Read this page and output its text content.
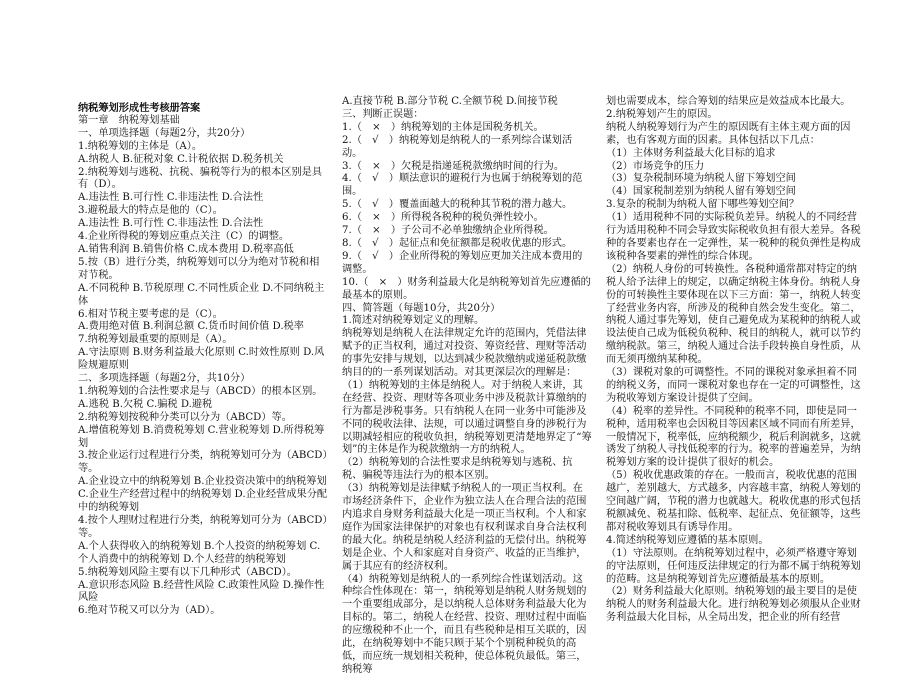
纳税筹划形成性考核册答案
第一章　纳税筹划基础
一、单项选择题（每题2分，共20分）
1.纳税筹划的主体是（A）。
A.纳税人 B.征税对象 C.计税依据 D.税务机关
2.纳税筹划与逃税、抗税、骗税等行为的根本区别是具有（D）。
A.违法性 B.可行性 C.非违法性 D.合法性
3.避税最大的特点是他的（C）。
A.违法性 B.可行性 C.非违法性 D.合法性
4.企业所得税的筹划应重点关注（C）的调整。
A.销售利润 B.销售价格 C.成本费用 D.税率高低
5.按（B）进行分类，纳税筹划可以分为绝对节税和相对节税。
A.不同税种 B.节税原理 C.不同性质企业 D.不同纳税主体
6.相对节税主要考虑的是（C）。
A.费用绝对值 B.利润总额 C.货币时间价值 D.税率
7.纳税筹划最重要的原则是（A）。
A.守法原则 B.财务利益最大化原则 C.时效性原则 D.风险规避原则
二、多项选择题（每题2分，共10分）
1.纳税筹划的合法性要求是与（ABCD）的根本区别。
A.逃税 B.欠税 C.骗税 D.避税
2.纳税筹划按税种分类可以分为（ABCD）等。
A.增值税筹划 B.消费税筹划 C.营业税筹划 D.所得税筹划
3.按企业运行过程进行分类，纳税筹划可分为（ABCD）等。
A.企业设立中的纳税筹划 B.企业投资决策中的纳税筹划 C.企业生产经营过程中的纳税筹划 D.企业经营成果分配中的纳税筹划
4.按个人理财过程进行分类，纳税筹划可分为（ABCD）等。
A.个人获得收入的纳税筹划 B.个人投资的纳税筹划 C.个人消费中的纳税筹划 D.个人经营的纳税筹划
5.纳税筹划风险主要有以下几种形式（ABCD）。
A.意识形态风险 B.经营性风险 C.政策性风险 D.操作性风险
6.绝对节税又可以分为（AD）。
A.直接节税 B.部分节税 C.全额节税 D.间接节税
三、判断正误题：
1.（　×　）纳税筹划的主体是国税务机关。
2.（　√　）纳税筹划是纳税人的一系列综合谋划活动。
3.（　×　）欠税是指递延税款缴纳时间的行为。
4.（　√　）顺法意识的避税行为也属于纳税筹划的范围。
5.（　√　）覆盖面越大的税种其节税的潜力越大。
6.（　×　）所得税各税种的税负弹性较小。
7.（　×　）子公司不必单独缴纳企业所得税。
8.（　√　）起征点和免征额都是税收优惠的形式。
9.（　√　）企业所得税的筹划应更加关注成本费用的调整。
10.（　×　）财务利益最大化是纳税筹划首先应遵循的最基本的原则。
四、简答题（每题10分，共20分）
1.简述对纳税筹划定义的理解。
纳税筹划是纳税人在法律规定允许的范围内，凭借法律赋予的正当权利，通过对投资、筹资经营、理财等活动的事先安排与规划，以达到减少税款缴纳或递延税款缴纳目的的一系列谋划活动。对其更深层次的理解是：
（1）纳税筹划的主体是纳税人。对于纳税人来讲，其在经营、投资、理财等各项业务中涉及税款计算缴纳的行为都是涉税事务。只有纳税人在同一业务中可能涉及不同的税收法律、法规，可以通过调整自身的涉税行为以期减轻相应的税收负担，纳税筹划更清楚地界定了“筹划”的主体是作为税款缴纳一方的纳税人。
（2）纳税筹划的合法性要求是纳税筹划与逃税、抗税、骗税等违法行为的根本区别。
（3）纳税筹划是法律赋予纳税人的一项正当权利。在市场经济条件下，企业作为独立法人在合理合法的范围内追求自身财务利益最大化是一项正当权利。个人和家庭作为国家法律保护的对象也有权利谋求自身合法权利的最大化。纳税是纳税人经济利益的无偿付出。纳税筹划是企业、个人和家庭对自身资产、收益的正当维护，属于其应有的经济权利。
（4）纳税筹划是纳税人的一系列综合性谋划活动。这种综合性体现在：第一，纳税筹划是纳税人财务规划的一个重要组成部分，是以纳税人总体财务利益最大化为目标的。第二，纳税人在经营、投资、理财过程中面临的应缴税种不止一个，而且有些税种是相互关联的，因此，在纳税筹划中不能只顾于某个个别税种税负的高低，而应统一规划相关税种，使总体税负最低。第三，纳税筹
划也需要成本，综合筹划的结果应是效益成本比最大。
2.纳税筹划产生的原因。
纳税人纳税筹划行为产生的原因既有主体主观方面的因素，也有客观方面的因素。具体包括以下几点：
（1）主体财务利益最大化目标的追求
（2）市场竞争的压力
（3）复杂税制环境为纳税人留下筹划空间
（4）国家税制差别为纳税人留有筹划空间
3.复杂的税制为纳税人留下哪些筹划空间？
（1）适用税种不同的实际税负差异。纳税人的不同经营行为适用税种不同会导致实际税收负担有很大差异。各税种的各要素也存在一定弹性，某一税种的税负弹性是构成该税种各要素的弹性的综合体现。
（2）纳税人身份的可转换性。各税种通常都对特定的纳税人给予法律上的规定，以确定纳税主体身份。纳税人身份的可转换性主要体现在以下三方面：第一，纳税人转变了经营业务内容，所涉及的税种自然会发生变化。第二，纳税人通过事先筹划，使自己避免成为某税种的纳税人或设法使自己成为低税负税种、税目的纳税人，就可以节约缴纳税款。第三，纳税人通过合法手段转换自身性质，从而无须再缴纳某种税。
（3）课税对象的可调整性。不同的课税对象承担着不同的纳税义务，而同一课税对象也存在一定的可调整性，这为税收筹划方案设计提供了空间。
（4）税率的差异性。不同税种的税率不同，即使是同一税种，适用税率也会因税目等因素区域不同而有所差异，一般情况下，税率低，应纳税额少，税后利润就多，这就诱发了纳税人寻找低税率的行为。税率的普遍差异，为纳税筹划方案的设计提供了很好的机会。
（5）税收优惠政策的存在。一般而言，税收优惠的范围越广，差别越大，方式越多，内容越丰富，纳税人筹划的空间越广阔，节税的潜力也就越大。税收优惠的形式包括税额减免、税基扣除、低税率、起征点、免征额等，这些都对税收筹划具有诱导作用。
4.简述纳税筹划应遵循的基本原则。
（1）守法原则。在纳税筹划过程中，必须严格遵守筹划的守法原则，任何违反法律规定的行为都不属于纳税筹划的范畴。这是纳税筹划首先应遵循最基本的原则。
（2）财务利益最大化原则。纳税筹划的最主要目的是使纳税人的财务利益最大化。进行纳税筹划必须服从企业财务利益最大化目标，从全局出发，把企业的所有经营
